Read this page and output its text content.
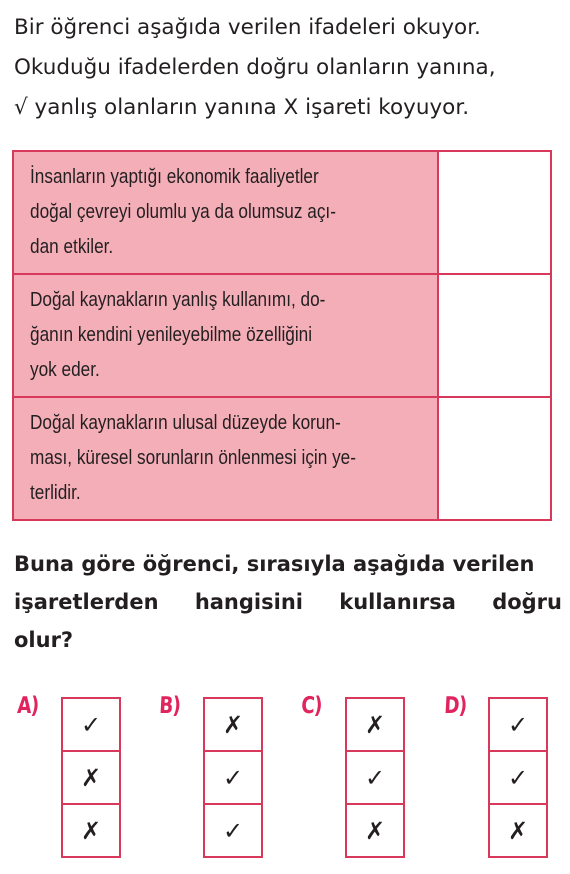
Bir öğrenci aşağıda verilen ifadeleri okuyor.
Okuduğu ifadelerden doğru olanların yanına,
√ yanlış olanların yanına X işareti koyuyor.

İnsanların yaptığı ekonomik faaliyetler
doğal çevreyi olumlu ya da olumsuz açı-
dan etkiler.	

Doğal kaynakların yanlış kullanımı, do-
ğanın kendini yenileyebilme özelliğini
yok eder.	

Doğal kaynakların ulusal düzeyde korun-
ması, küresel sorunların önlenmesi için ye-
terlidir.	

Buna göre öğrenci, sırasıyla aşağıda verilen
işaretlerden hangisini kullanırsa doğru
olur?

A)
✓
✗
✗
B)
✗
✓
✓
C)
✗
✓
✗
D)
✓
✓
✗
